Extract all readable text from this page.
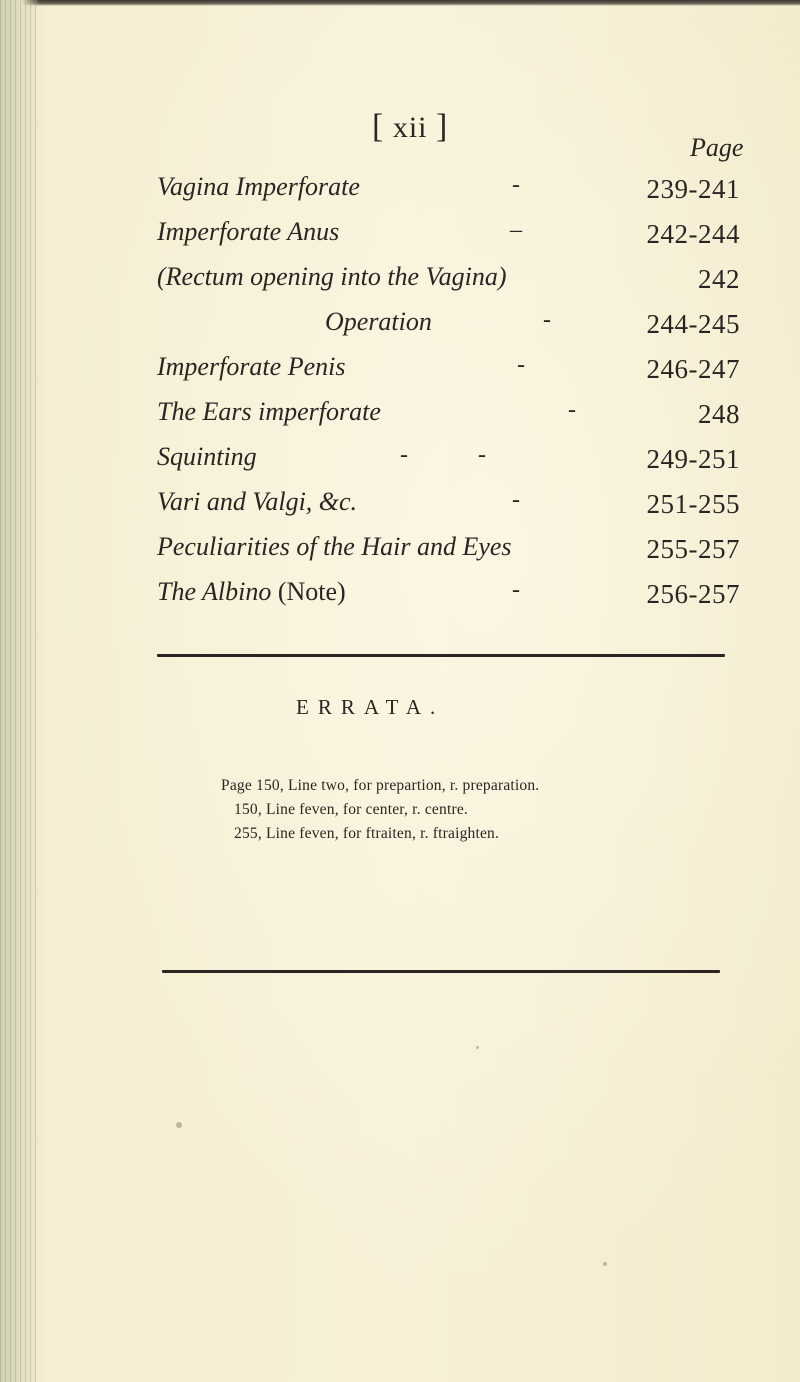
[ xii ]
Page
Vagina Imperforate	-	239-241
Imperforate Anus	–	242-244
(Rectum opening into the Vagina)	242
Operation	-	244-245
Imperforate Penis	-	246-247
The Ears imperforate	-	248
Squinting	-	-	249-251
Vari and Valgi, &c.	-	251-255
Peculiarities of the Hair and Eyes	255-257
The Albino (Note)	-	256-257
ERRATA.
Page 150, Line two, for prepartion, r. preparation.
150, Line feven, for center, r. centre.
255, Line feven, for ftraiten, r. ftraighten.
